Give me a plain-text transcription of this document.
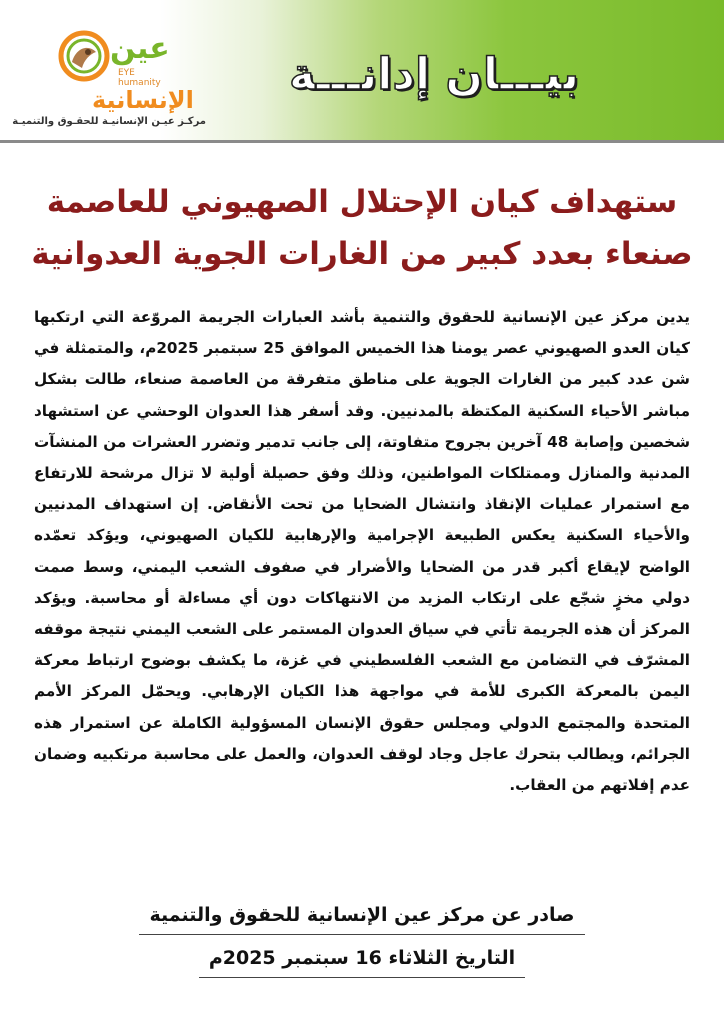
بيـــان إدانـــة
عين
EYE
humanity
الإنسانية
مركـز عيـن الإنسانيـة للحقـوق والتنميـة
ستهداف كيان الإحتلال الصهيوني للعاصمة
صنعاء بعدد كبير من الغارات الجوية العدوانية
يدين مركز عين الإنسانية للحقوق والتنمية بأشد العبارات الجريمة المروّعة التي ارتكبها كيان العدو الصهيوني عصر يومنا هذا الخميس الموافق 25 سبتمبر 2025م، والمتمثلة في شن عدد كبير من الغارات الجوية على مناطق متفرقة من العاصمة صنعاء، طالت بشكل مباشر الأحياء السكنية المكتظة بالمدنيين. وقد أسفر هذا العدوان الوحشي عن استشهاد شخصين وإصابة 48 آخرين بجروح متفاوتة، إلى جانب تدمير وتضرر العشرات من المنشآت المدنية والمنازل وممتلكات المواطنين، وذلك وفق حصيلة أولية لا تزال مرشحة للارتفاع مع استمرار عمليات الإنقاذ وانتشال الضحايا من تحت الأنقاض. إن استهداف المدنيين والأحياء السكنية يعكس الطبيعة الإجرامية والإرهابية للكيان الصهيوني، ويؤكد تعمّده الواضح لإيقاع أكبر قدر من الضحايا والأضرار في صفوف الشعب اليمني، وسط صمت دولي مخزٍ شجّع على ارتكاب المزيد من الانتهاكات دون أي مساءلة أو محاسبة. ويؤكد المركز أن هذه الجريمة تأتي في سياق العدوان المستمر على الشعب اليمني نتيجة موقفه المشرّف في التضامن مع الشعب الفلسطيني في غزة، ما يكشف بوضوح ارتباط معركة اليمن بالمعركة الكبرى للأمة في مواجهة هذا الكيان الإرهابي. ويحمّل المركز الأمم المتحدة والمجتمع الدولي ومجلس حقوق الإنسان المسؤولية الكاملة عن استمرار هذه الجرائم، ويطالب بتحرك عاجل وجاد لوقف العدوان، والعمل على محاسبة مرتكبيه وضمان عدم إفلاتهم من العقاب.
صادر عن مركز عين الإنسانية للحقوق والتنمية
التاريخ الثلاثاء 16 سبتمبر 2025م
